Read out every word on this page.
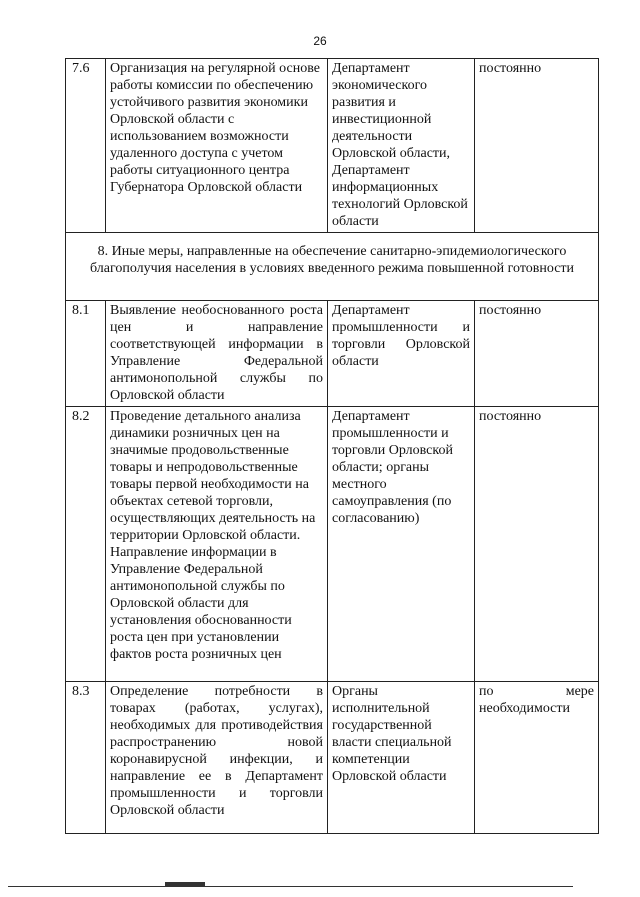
26
7.6	Организация на регулярной основе работы комиссии по обеспечению устойчивого развития экономики Орловской области с использованием возможности удаленного доступа с учетом работы ситуационного центра Губернатора Орловской области	Департамент экономического развития и инвестиционной деятельности Орловской области, Департамент информационных технологий Орловской области	постоянно
8. Иные меры, направленные на обеспечение санитарно-эпидемиологического благополучия населения в условиях введенного режима повышенной готовности			
8.1	Выявление необоснованного роста цен и направление соответствующей информации в Управление Федеральной антимонопольной службы по Орловской области	Департамент промышленности и торговли Орловской области	постоянно
8.2	Проведение детального анализа динамики розничных цен на значимые продовольственные товары и непродовольственные товары первой необходимости на объектах сетевой торговли, осуществляющих деятельность на территории Орловской области. Направление информации в Управление Федеральной антимонопольной службы по Орловской области для установления обоснованности роста цен при установлении фактов роста розничных цен	Департамент промышленности и торговли Орловской области; органы местного самоуправления (по согласованию)	постоянно
8.3	Определение потребности в товарах (работах, услугах), необходимых для противодействия распространению новой коронавирусной инфекции, и направление ее в Департамент промышленности и торговли Орловской области	Органы исполнительной государственной власти специальной компетенции Орловской области	по мере необходимости
